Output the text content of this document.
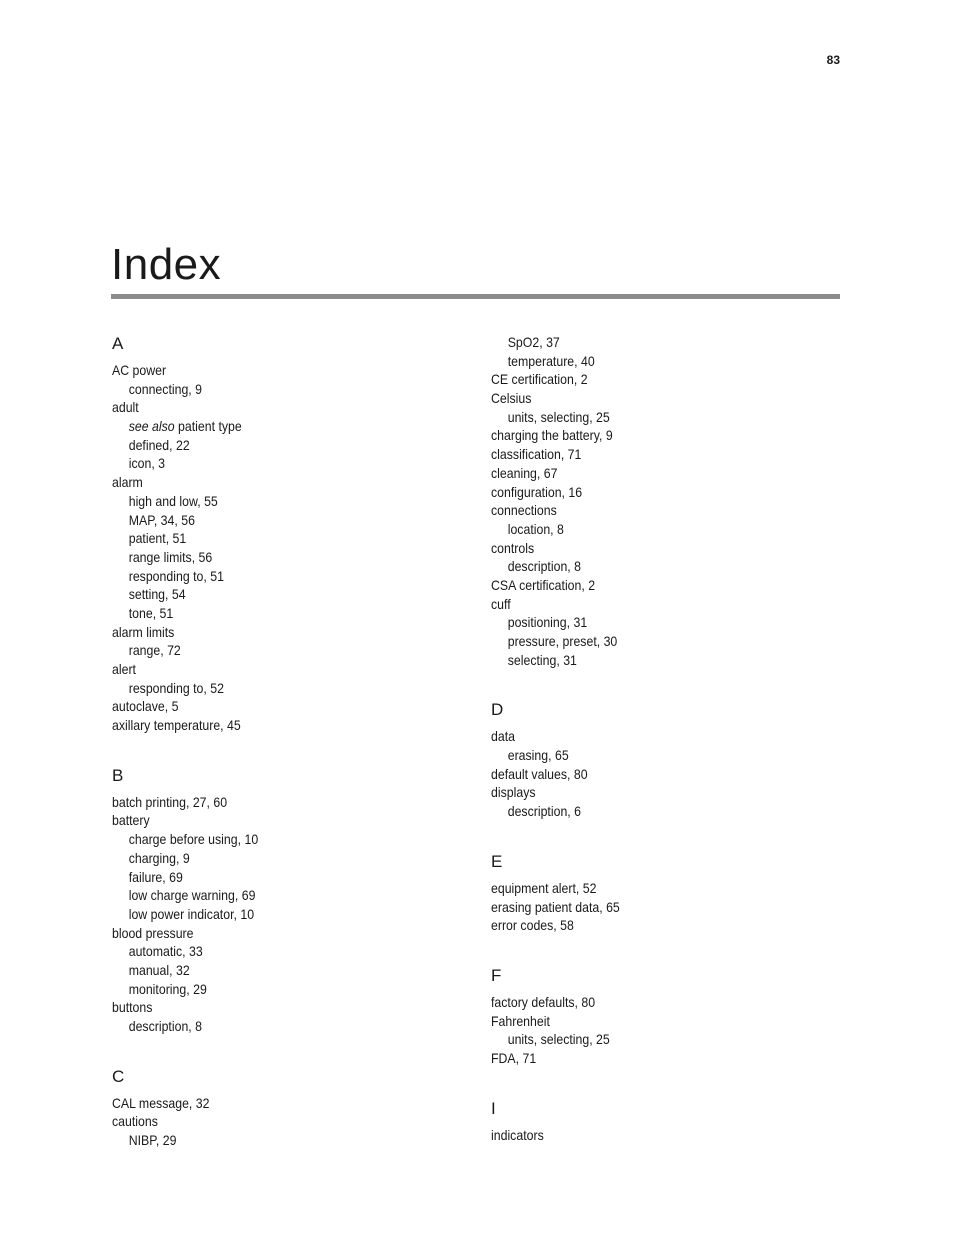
83
Index
A
AC power
connecting, 9
adult
see also patient type
defined, 22
icon, 3
alarm
high and low, 55
MAP, 34, 56
patient, 51
range limits, 56
responding to, 51
setting, 54
tone, 51
alarm limits
range, 72
alert
responding to, 52
autoclave, 5
axillary temperature, 45
B
batch printing, 27, 60
battery
charge before using, 10
charging, 9
failure, 69
low charge warning, 69
low power indicator, 10
blood pressure
automatic, 33
manual, 32
monitoring, 29
buttons
description, 8
C
CAL message, 32
cautions
NIBP, 29
SpO2, 37
temperature, 40
CE certification, 2
Celsius
units, selecting, 25
charging the battery, 9
classification, 71
cleaning, 67
configuration, 16
connections
location, 8
controls
description, 8
CSA certification, 2
cuff
positioning, 31
pressure, preset, 30
selecting, 31
D
data
erasing, 65
default values, 80
displays
description, 6
E
equipment alert, 52
erasing patient data, 65
error codes, 58
F
factory defaults, 80
Fahrenheit
units, selecting, 25
FDA, 71
I
indicators
